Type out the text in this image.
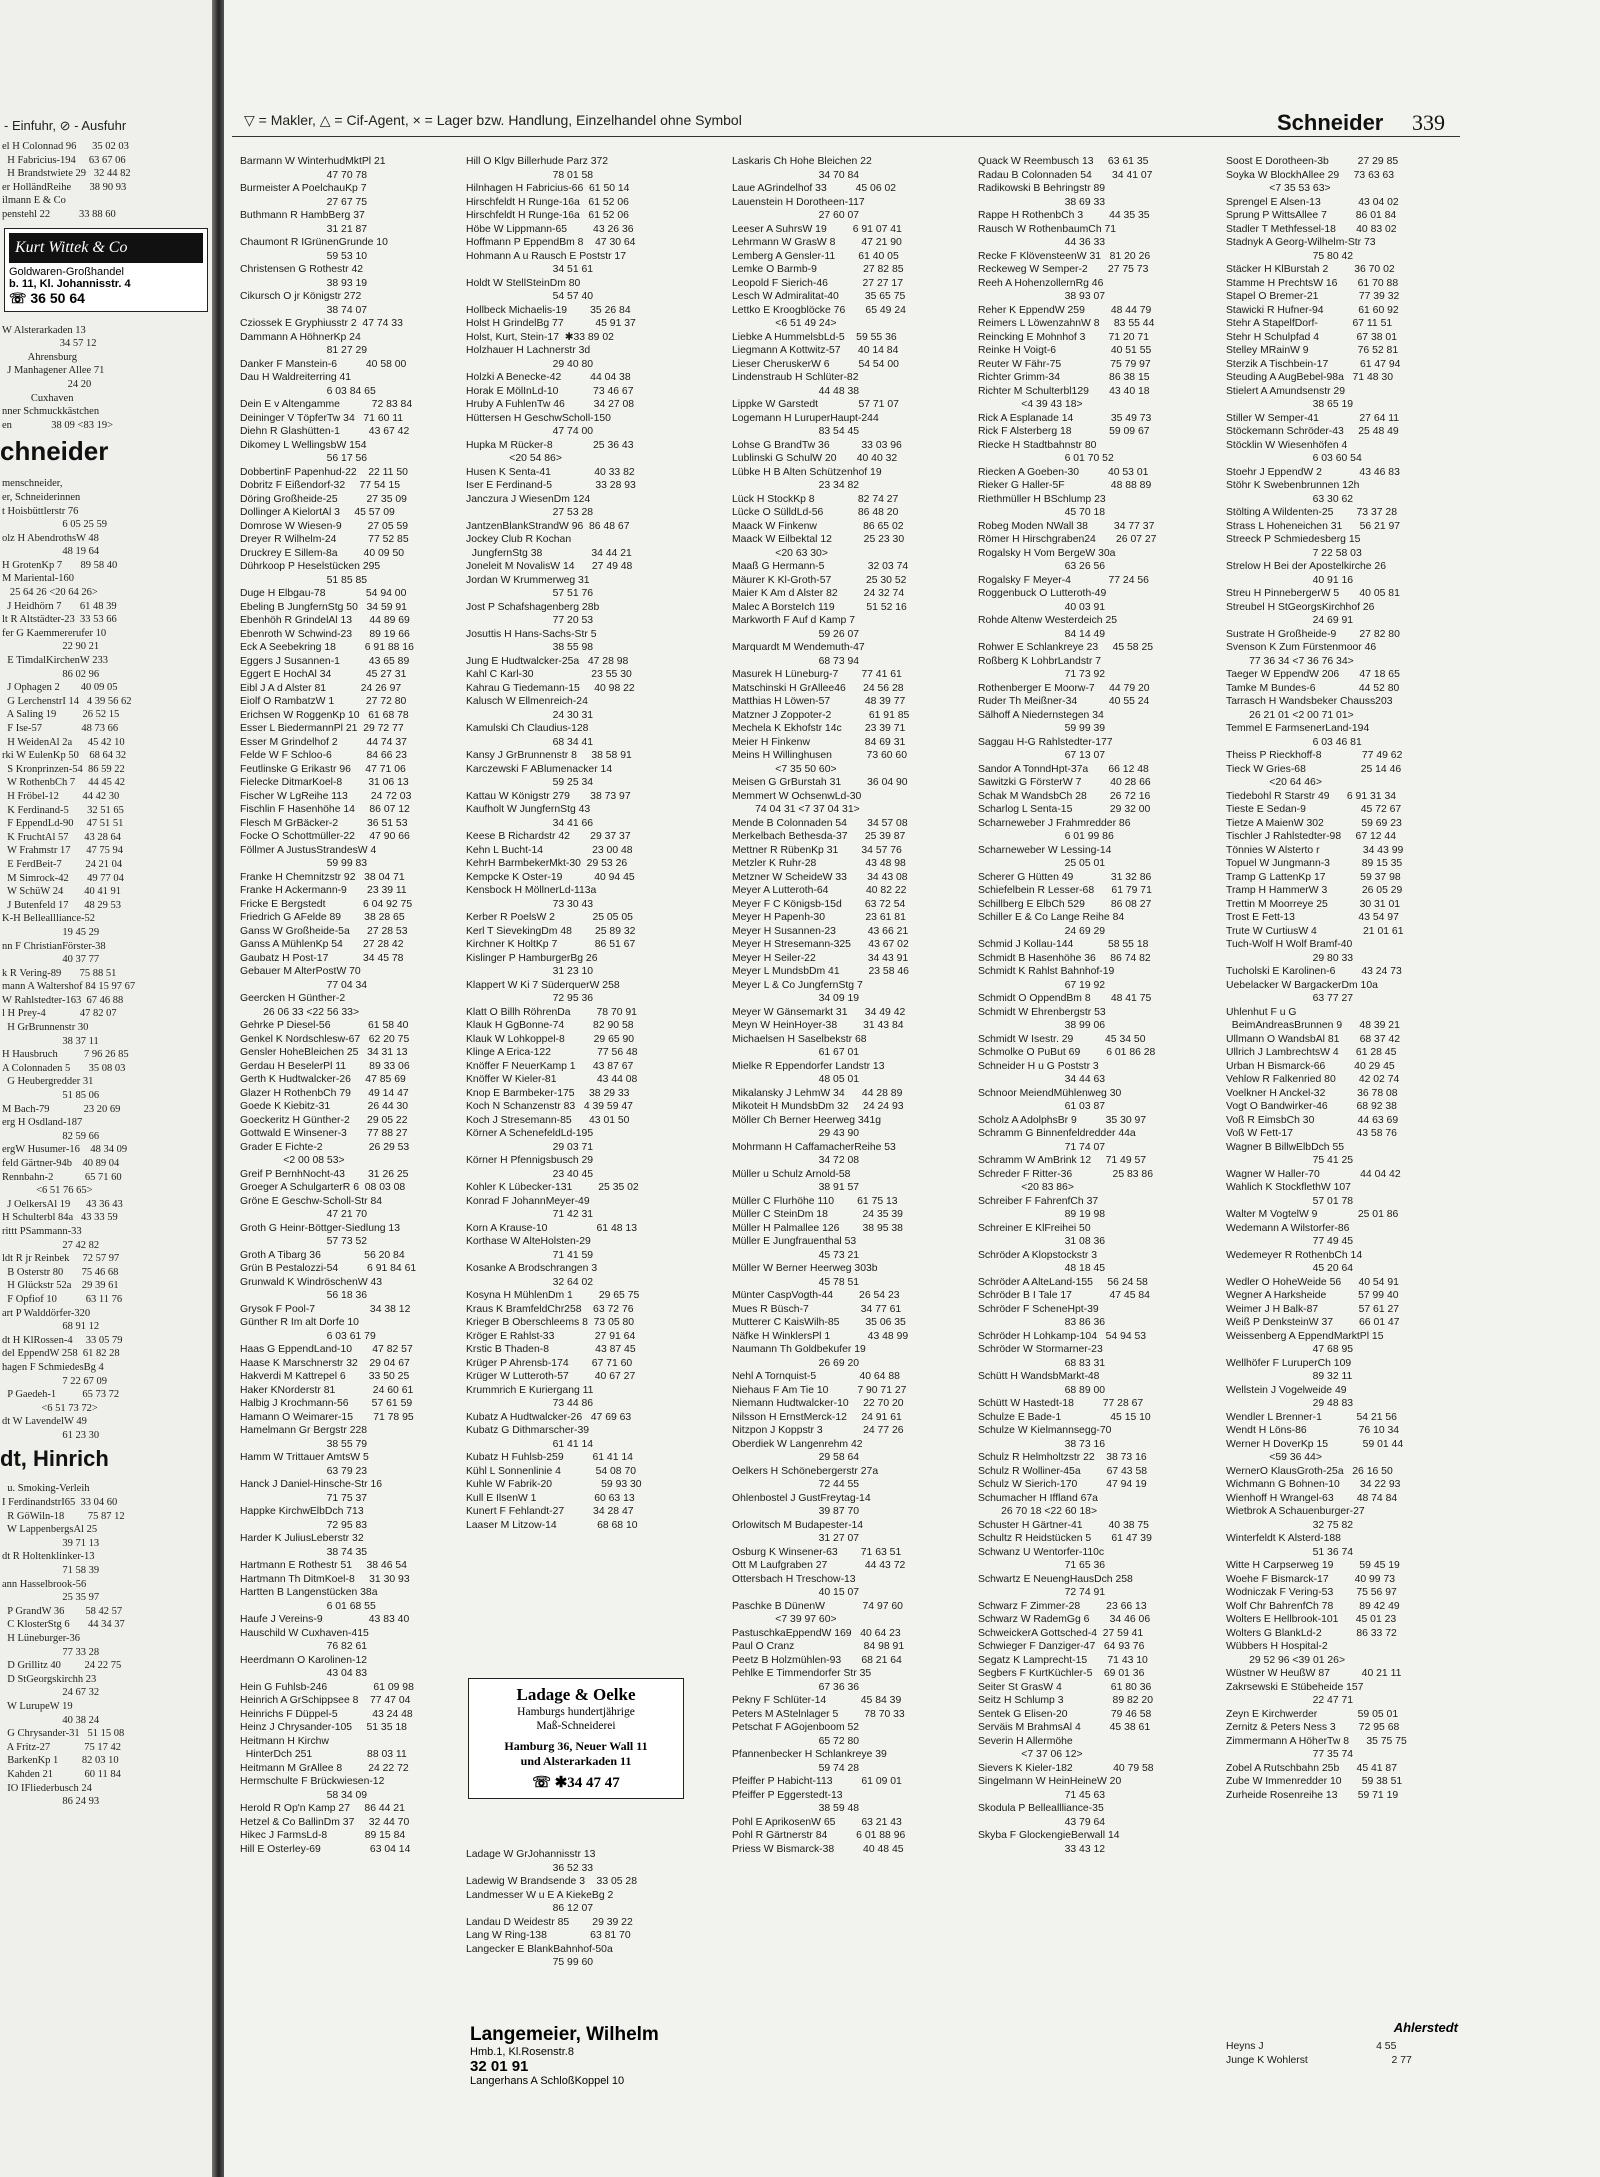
- Einfuhr, ⊘ - Ausfuhr
el H Colonnad 96      35 02 03
H Fabricius-194     63 67 06
H Brandstwiete 29   32 44 82
er HolländReihe       38 90 93
ilmann E & Co
penstehl 22           33 88 60
Kurt Wittek & Co
Goldwaren-Großhandel
b. 11, Kl. Johannisstr. 4
☏ 36 50 64
W Alsterarkaden 13
34 57 12
Ahrensburg
J Manhagener Allee 71
24 20
Cuxhaven
nner Schmuckkästchen
en               38 09 <83 19>
chneider
menschneider,
er, Schneiderinnen
t Hoisbüttlerstr 76
6 05 25 59
olz H AbendrothsW 48
48 19 64
H GrotenKp 7       89 58 40
M Mariental-160
25 64 26 <20 64 26>
J Heidhörn 7       61 48 39
lt R Altstädter-23  33 53 66
fer G Kaemmererufer 10
22 90 21
E TimdalKirchenW 233
86 02 96
J Ophagen 2        40 09 05
G LerchenstrI 14   4 39 56 62
A Saling 19          26 52 15
F Ise-57               48 73 66
H WeidenAl 2a      45 42 10
rki W EulenKp 50    68 64 32
S Kronprinzen-54  86 59 22
W RothenbCh 7     44 45 42
H Fröbel-12         44 42 30
K Ferdinand-5       32 51 65
F EppendLd-90     47 51 51
K FruchtAl 57      43 28 64
W Frahmstr 17      47 75 94
E FerdBeit-7         24 21 04
M Simrock-42       49 77 04
W SchüW 24        40 41 91
J Butenfeld 17      48 29 53
K-H Belleallliance-52
19 45 29
nn F ChristianFörster-38
40 37 77
k R Vering-89       75 88 51
mann A Waltershof 84 15 97 67
W Rahlstedter-163  67 46 88
l H Prey-4             47 82 07
H GrBrunnenstr 30
38 37 11
H Hausbruch          7 96 26 85
A Colonnaden 5       35 08 03
G Heubergredder 31
51 85 06
M Bach-79             23 20 69
erg H Osdland-187
82 59 66
ergW Husumer-16    48 34 09
feld Gärtner-94b    40 89 04
Rennbahn-2            65 71 60
<6 51 76 65>
J OelkersAl 19      43 36 43
H Schulterbl 84a   43 33 59
rittt PSammann-33
27 42 82
ldt R jr Reinbek     72 57 97
B Osterstr 80       75 46 68
H Glückstr 52a    29 39 61
F Opfiof 10           63 11 76
art P Walddörfer-320
68 91 12
dt H KlRossen-4     33 05 79
del EppendW 258  61 82 28
hagen F SchmiedesBg 4
7 22 67 09
P Gaedeh-1          65 73 72
<6 51 73 72>
dt W LavendelW 49
61 23 30
dt, Hinrich
u. Smoking-Verleih
I FerdinandstrI65  33 04 60
R GöWiln-18         75 87 12
W LappenbergsAl 25
39 71 13
dt R Holtenklinker-13
71 58 39
ann Hasselbrook-56
25 35 97
P GrandW 36        58 42 57
C KlosterStg 6       44 34 37
H Lüneburger-36
77 33 28
D Grillitz 40         24 22 75
D StGeorgskirchh 23
24 67 32
W LurupeW 19
40 38 24
G Chrysander-31   51 15 08
A Fritz-27             75 17 42
BarkenKp 1         82 03 10
Kahden 21            60 11 84
IO IFliederbusch 24
86 24 93
▽ = Makler, △ = Cif-Agent, × = Lager bzw. Handlung, Einzelhandel ohne Symbol	Schneider 339
Barmann W WinterhudMktPl 21
47 70 78
Burmeister A PoelchauKp 7
27 67 75
Buthmann R HambBerg 37
31 21 87
Chaumont R IGrünenGrunde 10
59 53 10
Christensen G Rothestr 42
38 93 19
Cikursch O jr Königstr 272
38 74 07
Cziossek E Gryphiusstr 2  47 74 33
Dammann A HöhnerKp 24
81 27 29
Danker F Manstein-6          40 58 00
Dau H Waldreiterring 41
6 03 84 65
Dein E v Altengamme           72 83 84
Deininger V TöpferTw 34   71 60 11
Diehn R Glashütten-1          43 67 42
Dikomey L WellingsbW 154
56 17 56
DobbertinF Papenhud-22    22 11 50
Dobritz F Eißendorf-32     77 54 15
Döring Großheide-25          27 35 09
Dollinger A KielortAl 3     45 57 09
Domrose W Wiesen-9         27 05 59
Dreyer R Wilhelm-24           77 52 85
Druckrey E Sillem-8a         40 09 50
Dührkoop P Heselstücken 295
51 85 85
Duge H Elbgau-78              54 94 00
Ebeling B JungfernStg 50   34 59 91
Ebenhöh R GrindelAl 13      44 89 69
Ebenroth W Schwind-23      89 19 66
Eck A Seebekring 18          6 91 88 16
Eggers J Susannen-1          43 65 89
Eggert E HochAl 34            45 27 31
Eibl J A d Alster 81            24 26 97
Eiolf O RambatzW 1           27 72 80
Erichsen W RoggenKp 10   61 68 78
Esser L BiedermannPl 21  29 72 77
Esser M Grindelhof 2          44 74 37
Felde W F Schloo-6            84 66 23
Feutlinske G Erikastr 96     47 71 06
Fielecke DitmarKoel-8         31 06 13
Fischer W LgReihe 113        24 72 03
Fischlin F Hasenhöhe 14     86 07 12
Flesch M GrBäcker-2          36 51 53
Focke O Schottmüller-22     47 90 66
Föllmer A JustusStrandesW 4
59 99 83
Franke H Chemnitzstr 92   38 04 71
Franke H Ackermann-9       23 39 11
Fricke E Bergstedt             6 04 92 75
Friedrich G AFelde 89        38 28 65
Ganss W Großheide-5a      27 28 53
Ganss A MühlenKp 54       27 28 42
Gaubatz H Post-17            34 45 78
Gebauer M AlterPostW 70
77 04 34
Geercken H Günther-2
26 06 33 <22 56 33>
Gehrke P Diesel-56             61 58 40
Genkel K Nordschlesw-67   62 20 75
Gensler HoheBleichen 25   34 31 13
Gerdau H BeselerPl 11        89 33 06
Gerth K Hudtwalcker-26     47 85 69
Glazer H RothenbCh 79      49 14 47
Goede K Kiebitz-31             26 44 30
Goeckeritz H Günther-2      29 05 22
Gottwald E Winsener-3       77 88 27
Grader E Fichte-2                26 29 53
<2 00 08 53>
Greif P BernhNocht-43        31 26 25
Groeger A SchulgarterR 6  08 03 08
Gröne E Geschw-Scholl-Str 84
47 21 70
Groth G Heinr-Böttger-Siedlung 13
57 73 52
Groth A Tibarg 36               56 20 84
Grün B Pestalozzi-54          6 91 84 61
Grunwald K WindröschenW 43
56 18 36
Grysok F Pool-7                   34 38 12
Günther R Im alt Dorfe 10
6 03 61 79
Haas G EppendLand-10       47 82 57
Haase K Marschnerstr 32    29 04 67
Hakverdi M Kattrepel 6        33 50 25
Haker KNorderstr 81             24 60 61
Halbig J Krochmann-56        57 61 59
Hamann O Weimarer-15       71 78 95
Hamelmann Gr Bergstr 228
38 55 79
Hamm W Trittauer AmtsW 5
63 79 23
Hanck J Daniel-Hinsche-Str 16
71 75 37
Happke KirchwElbDch 713
72 95 83
Harder K JuliusLeberstr 32
38 74 35
Hartmann E Rothestr 51     38 46 54
Hartmann Th DitmKoel-8     31 30 93
Hartten B Langenstücken 38a
6 01 68 55
Haufe J Vereins-9                43 83 40
Hauschild W Cuxhaven-415
76 82 61
Heerdmann O Karolinen-12
43 04 83
Hein G Fuhlsb-246                61 09 98
Heinrich A GrSchippsee 8    77 47 04
Heinrichs F Düppel-5            43 24 48
Heinz J Chrysander-105     51 35 18
Heitmann H Kirchw
HinterDch 251                   88 03 11
Heitmann M GrAllee 8         24 22 72
Hermschulte F Brückwiesen-12
58 34 09
Herold R Op'n Kamp 27     86 44 21
Hetzel & Co BallinDm 37     32 44 70
Hikec J FarmsLd-8             89 15 84
Hill E Osterley-69                 63 04 14
Hill O Klgv Billerhude Parz 372
78 01 58
Hilnhagen H Fabricius-66  61 50 14
Hirschfeldt H Runge-16a   61 52 06
Hirschfeldt H Runge-16a   61 52 06
Höbe W Lippmann-65         43 26 36
Hoffmann P EppendBm 8    47 30 64
Hohmann A u Rausch E Poststr 17
34 51 61
Holdt W StellSteinDm 80
54 57 40
Hollbeck Michaelis-19        35 26 84
Holst H GrindelBg 77           45 91 37
Holst, Kurt, Stein-17  ✱33 89 02
Holzhauer H Lachnerstr 3d
29 40 80
Holzki A Benecke-42          44 04 38
Horak E MölInLd-10            73 46 67
Hruby A FuhlenTw 46          34 27 08
Hüttersen H GeschwScholl-150
47 74 00
Hupka M Rücker-8              25 36 43
<20 54 86>
Husen K Senta-41               40 33 82
Iser E Ferdinand-5               33 28 93
Janczura J WiesenDm 124
27 53 28
JantzenBlankStrandW 96  86 48 67
Jockey Club R Kochan
JungfernStg 38                 34 44 21
Joneleit M NovalisW 14      27 49 48
Jordan W Krummerweg 31
57 51 76
Jost P Schafshagenberg 28b
77 20 53
Josuttis H Hans-Sachs-Str 5
38 55 98
Jung E Hudtwalcker-25a   47 28 98
Kahl C Karl-30                    23 55 30
Kahrau G Tiedemann-15     40 98 22
Kalusch W Ellmenreich-24
24 30 31
Kamulski Ch Claudius-128
68 34 41
Kansy J GrBrunnenstr 8     38 58 91
Karczewski F ABlumenacker 14
59 25 34
Kattau W Königstr 279       38 73 97
Kaufholt W JungfernStg 43
34 41 66
Keese B Richardstr 42       29 37 37
Kehn L Bucht-14                 23 00 48
KehrH BarmbekerMkt-30  29 53 26
Kempcke K Oster-19           40 94 45
Kensbock H MöllnerLd-113a
73 30 43
Kerber R PoelsW 2             25 05 05
Kerl T SievekingDm 48        25 89 32
Kirchner K HoltKp 7             86 51 67
Kislinger P HamburgerBg 26
31 23 10
Klappert W Ki 7 SüderquerW 258
72 95 36
Klatt O Billh RöhrenDa         78 70 91
Klauk H GgBonne-74          82 90 58
Klauk W Lohkoppel-8          29 65 90
Klinge A Erica-122                77 56 48
Knöffer F NeuerKamp 1      43 87 67
Knöffer W Kieler-81              43 44 08
Knop E Barmbeker-175     38 29 33
Koch N Schanzenstr 83   4 39 59 47
Koch J Stresemann-85      43 01 50
Körner A SchenefeldLd-195
29 03 71
Körner H Pfennigsbusch 29
23 40 45
Kohler K Lübecker-131         25 35 02
Konrad F JohannMeyer-49
71 42 31
Korn A Krause-10                 61 48 13
Korthase W AlteHolsten-29
71 41 59
Kosanke A Brodschrangen 3
32 64 02
Kosyna H MühlenDm 1         29 65 75
Kraus K BramfeldChr258    63 72 76
Krieger B Oberschleems 8  73 05 80
Kröger E Rahlst-33              27 91 64
Krstic B Thaden-8                43 87 45
Krüger P Ahrensb-174        67 71 60
Krüger W Lutteroth-57         40 67 27
Krummrich E Kuriergang 11
73 44 86
Kubatz A Hudtwalcker-26   47 69 63
Kubatz G Dithmarscher-39
61 41 14
Kubatz H Fuhlsb-259          61 41 14
Kühl L Sonnenlinie 4            54 08 70
Kuhle W Fabrik-20                 59 93 30
Kull E IlsenW 1                    60 63 13
Kunert F Fehlandt-27          34 28 47
Laaser M Litzow-14              68 68 10
Ladage & Oelke
Hamburgs hundertjährige
Maß-Schneiderei
Hamburg 36, Neuer Wall 11
und Alsterarkaden 11
☏ ✱34 47 47
Ladage W GrJohannisstr 13
36 52 33
Ladewig W Brandsende 3    33 05 28
Landmesser W u E A KiekeBg 2
86 12 07
Landau D Weidestr 85        29 39 22
Lang W Ring-138               63 81 70
Langecker E BlankBahnhof-50a
75 99 60
Langemeier, Wilhelm
Hmb.1, Kl.Rosenstr.8
32 01 91
Langerhans A SchloßKoppel 10
Laskaris Ch Hohe Bleichen 22
34 70 84
Laue AGrindelhof 33          45 06 02
Lauenstein H Dorotheen-117
27 60 07
Leeser A SuhrsW 19         6 91 07 41
Lehrmann W GrasW 8         47 21 90
Lemberg A Gensler-11        61 40 05
Lemke O Barmb-9                27 82 85
Leopold F Sierich-46            27 27 17
Lesch W Admiralitat-40         35 65 75
Lettko E Kroogblöcke 76       65 49 24
<6 51 49 24>
Liebke A HummelsbLd-5    59 55 36
Liegmann A Kottwitz-57      40 14 84
Lieser CheruskerW 6          54 54 00
Lindenstraub H Schlüter-82
44 48 38
Lippke W Garstedt              57 71 07
Logemann H LuruperHaupt-244
83 54 45
Lohse G BrandTw 36           33 03 96
Lublinski G SchulW 20       40 40 32
Lübke H B Alten Schützenhof 19
23 34 82
Lück H StockKp 8               82 74 27
Lücke O SülldLd-56            86 48 20
Maack W Finkenw                86 65 02
Maack W Eilbektal 12           25 23 30
<20 63 30>
Maaß G Hermann-5               32 03 74
Mäurer K Kl-Groth-57            25 30 52
Maier K Am d Alster 82         24 32 74
Malec A BorsteIch 119           51 52 16
Markworth F Auf d Kamp 7
59 26 07
Marquardt M Wendemuth-47
68 73 94
Masurek H Lüneburg-7        77 41 61
Matschinski H GrAllee46      24 56 28
Matthias H Löwen-57            48 39 77
Matzner J Zoppoter-2             61 91 85
Mechela K Ekhofstr 14c        23 39 71
Meier H Finkenw                   84 69 31
Meins H Willinghusen            73 60 60
<7 35 50 60>
Meisen G GrBurstah 31         36 04 90
Memmert W OchsenwLd-30
74 04 31 <7 37 04 31>
Mende B Colonnaden 54       34 57 08
Merkelbach Bethesda-37      25 39 87
Mettner R RübenKp 31        34 57 76
Metzler K Ruhr-28                 43 48 98
Metzner W ScheideW 33       34 43 08
Meyer A Lutteroth-64             40 82 22
Meyer F C Königsb-15d        63 72 54
Meyer H Papenh-30              23 61 81
Meyer H Susannen-23           43 66 21
Meyer H Stresemann-325      43 67 02
Meyer H Seiler-22                  34 43 91
Meyer L MundsbDm 41          23 58 46
Meyer L & Co JungfernStg 7
34 09 19
Meyer W Gänsemarkt 31      34 49 42
Meyn W HeinHoyer-38         31 43 84
Michaelsen H Saselbekstr 68
61 67 01
Mielke R Eppendorfer Landstr 13
48 05 01
Mikalansky J LehmW 34      44 28 89
Mikoteit H MundsbDm 32     24 24 93
Möller Ch Berner Heerweg 341g
29 43 90
Mohrmann H CaffamacherReihe 53
34 72 08
Müller u Schulz Arnold-58
38 91 57
Müller C Flurhöhe 110        61 75 13
Müller C SteinDm 18            24 35 39
Müller H Palmallee 126        38 95 38
Müller E Jungfrauenthal 53
45 73 21
Müller W Berner Heerweg 303b
45 78 51
Münter CaspVogth-44         26 54 23
Mues R Büsch-7                  34 77 61
Mutterer C KaisWilh-85         35 06 35
Näfke H WinklersPl 1             43 48 99
Naumann Th Goldbekufer 19
26 69 20
Nehl A Tornquist-5               40 64 88
Niehaus F Am Tie 10          7 90 71 27
Niemann Hudtwalcker-10     22 70 20
Nilsson H ErnstMerck-12     24 91 61
Nitzpon J Koppstr 3              24 77 26
Oberdiek W Langenrehm 42
29 58 64
Oelkers H Schönebergerstr 27a
72 44 55
Ohlenbostel J GustFreytag-14
39 87 70
Orlowitsch M Budapester-14
31 27 07
Osburg K Winsener-63        71 63 51
Ott M Laufgraben 27             44 43 72
Ottersbach H Treschow-13
40 15 07
Paschke B DünenW             74 97 60
<7 39 97 60>
PastuschkaEppendW 169   40 64 23
Paul O Cranz                        84 98 91
Peetz B Holzmühlen-93       68 21 64
Pehlke E Timmendorfer Str 35
67 36 36
Pekny F Schlüter-14            45 84 39
Peters M AStelnlager 5         78 70 33
Petschat F AGojenboom 52
65 72 80
Pfannenbecker H Schlankreye 39
59 74 28
Pfeiffer P Habicht-113          61 09 01
Pfeiffer P Eggerstedt-13
38 59 48
Pohl E AprikosenW 65         63 21 43
Pohl R Gärtnerstr 84          6 01 88 96
Priess W Bismarck-38          40 48 45
Quack W Reembusch 13     63 61 35
Radau B Colonnaden 54       34 41 07
Radikowski B Behringstr 89
38 69 33
Rappe H RothenbCh 3         44 35 35
Rausch W RothenbaumCh 71
44 36 33
Recke F KlövensteenW 31   81 20 26
Reckeweg W Semper-2       27 75 73
Reeh A HohenzollernRg 46
38 93 07
Reher K EppendW 259         48 44 79
Reimers L LöwenzahnW 8     83 55 44
Reincking E Mohnhof 3        71 20 71
Reinke H Voigt-6                   40 51 55
Reuter W Fähr-75                 75 79 97
Richter Grimm-34                 86 38 15
Richter M Schulterbl129       43 40 18
<4 39 43 18>
Rick A Esplanade 14             35 49 73
Rick F Alsterberg 18             59 09 67
Riecke H Stadtbahnstr 80
6 01 70 52
Riecken A Goeben-30          40 53 01
Rieker G Haller-5F                48 88 89
Riethmüller H BSchlump 23
45 70 18
Robeg Moden NWall 38         34 77 37
Römer H Hirschgraben24       26 07 27
Rogalsky H Vom BergeW 30a
63 26 56
Rogalsky F Meyer-4             77 24 56
Roggenbuck O Lutteroth-49
40 03 91
Rohde Altenw Westerdeich 25
84 14 49
Rohwer E Schlankreye 23     45 58 25
Roßberg K LohbrLandstr 7
71 73 92
Rothenberger E Moorw-7     44 79 20
Ruder Th Meißner-34           40 55 24
Sälhoff A Niedernstegen 34
59 99 39
Saggau H-G Rahlstedter-177
67 13 07
Sandor A TonndHpt-37a       66 12 48
Sawitzki G FörsterW 7          40 28 66
Schak M WandsbCh 28        26 72 16
Scharlog L Senta-15             29 32 00
Scharneweber J Frahmredder 86
6 01 99 86
Scharneweber W Lessing-14
25 05 01
Scherer G Hütten 49             31 32 86
Schiefelbein R Lesser-68      61 79 71
Schillberg E ElbCh 529         86 08 27
Schiller E & Co Lange Reihe 84
24 69 29
Schmid J Kollau-144            58 55 18
Schmidt B Hasenhöhe 36     86 74 82
Schmidt K Rahlst Bahnhof-19
67 19 92
Schmidt O OppendBm 8       48 41 75
Schmidt W Ehrenbergstr 53
38 99 06
Schmidt W Isestr. 29           45 34 50
Schmolke O PuBut 69         6 01 86 28
Schneider H u G Poststr 3
34 44 63
Schnoor MeiendMühlenweg 30
61 03 87
Scholz A AdolphsBr 9          35 30 97
Schramm G Binnenfeldredder 44a
71 74 07
Schramm W AmBrink 12     71 49 57
Schreder F Ritter-36              25 83 86
<20 83 86>
Schreiber F FahrenfCh 37
89 19 98
Schreiner E KlFreihei 50
31 08 36
Schröder A Klopstockstr 3
48 18 45
Schröder A AlteLand-155     56 24 58
Schröder B I Tale 17             47 45 84
Schröder F ScheneHpt-39
83 86 36
Schröder H Lohkamp-104   54 94 53
Schröder W Stormarner-23
68 83 31
Schütt H WandsbMarkt-48
68 89 00
Schütt W Hastedt-18          77 28 67
Schulze E Bade-1                 45 15 10
Schulze W Kielmannsegg-70
38 73 16
Schulz R Helmholtzstr 22    38 73 16
Schulz R Wolliner-45a         67 43 58
Schulz W Sierich-170          47 94 19
Schumacher H Iffland 67a
26 70 18 <22 60 18>
Schuster H Gärtner-41         40 38 75
Schultz R Heidstücken 5       61 47 39
Schwanz U Wentorfer-110c
71 65 36
Schwartz E NeuengHausDch 258
72 74 91
Schwarz F Zimmer-28         23 66 13
Schwarz W RademGg 6       34 46 06
SchweickerA Gottsched-4  27 59 41
Schwieger F Danziger-47   64 93 76
Segatz K Lamprecht-15       71 43 10
Segbers F KurtKüchler-5    69 01 36
Seiter St GrasW 4                 61 80 36
Seitz H Schlump 3                 89 82 20
Sentek G Elisen-20               79 46 58
Serväis M BrahmsAl 4          45 38 61
Severin H Allermöhe
<7 37 06 12>
Sievers K Kieler-182              40 79 58
Singelmann W HeinHeineW 20
71 45 63
Skodula P Belleallliance-35
43 79 64
Skyba F GlockengieBerwall 14
33 43 12
Soost E Dorotheen-3b          27 29 85
Soyka W BlockhAllee 29     73 63 63
<7 35 53 63>
Sprengel E Alsen-13             43 04 02
Sprung P WittsAllee 7          86 01 84
Stadler T Methfessel-18       40 83 02
Stadnyk A Georg-Wilhelm-Str 73
75 80 42
Stäcker H KlBurstah 2         36 70 02
Stamme H PrechtsW 16       61 70 88
Stapel O Bremer-21              77 39 32
Stawicki R Hufner-94            61 60 92
Stehr A StapelfDorf-            67 11 51
Stehr H Schulpfad 4             67 38 01
Stelley MRainW 9                 76 52 81
Sterzik A Tischbein-17           61 47 94
Steuding A AugBebel-98a   71 48 30
Stielert A Amundsenstr 29
38 65 19
Stiller W Semper-41              27 64 11
Stöckemann Schröder-43     25 48 49
Stöcklin W Wiesenhöfen 4
6 03 60 54
Stoehr J EppendW 2             43 46 83
Stöhr K Swebenbrunnen 12h
63 30 62
Stölting A Wildenten-25        73 37 28
Strass L Hoheneichen 31      56 21 97
Streeck P Schmiedesberg 15
7 22 58 03
Strelow H Bei der Apostelkirche 26
40 91 16
Streu H PinnebergerW 5       40 05 81
Streubel H StGeorgsKirchhof 26
24 69 91
Sustrate H Großheide-9        27 82 80
Svenson K Zum Fürstenmoor 46
77 36 34 <7 36 76 34>
Taeger W EppendW 206       47 18 65
Tamke M Bundes-6               44 52 80
Tarrasch H Wandsbeker Chauss203
26 21 01 <2 00 71 01>
Temmel E FarmsenerLand-194
6 03 46 81
Theiss P Rieckhoff-8              77 49 62
Tieck W Gries-68                   25 14 46
<20 64 46>
Tiedebohl R Starstr 49      6 91 31 34
Tieste E Sedan-9                   45 72 67
Tietze A MaienW 302             59 69 23
Tischler J Rahlstedter-98     67 12 44
Tönnies W Alsterto r               34 43 99
Topuel W Jungmann-3           89 15 35
Tramp G LattenKp 17            59 37 98
Tramp H HammerW 3            26 05 29
Trettin M Moorreye 25           30 31 01
Trost E Fett-13                      43 54 97
Trute W CurtiusW 4                21 01 61
Tuch-Wolf H Wolf Bramf-40
29 80 33
Tucholski E Karolinen-6         43 24 73
Uebelacker W BargackerDm 10a
63 77 27
Uhlenhut F u G
BeimAndreasBrunnen 9      48 39 21
Ullmann O WandsbAl 81       68 37 42
Ullrich J LambrechtsW 4      61 28 45
Urban H Bismarck-66          40 29 45
Vehlow R Falkenried 80        42 02 74
Voelkner H Anckel-32           36 78 08
Vogt O Bandwirker-46          68 92 38
Voß R EimsbCh 30               44 63 69
Voß W Fett-17                      43 58 76
Wagner B BillwElbDch 55
75 41 25
Wagner W Haller-70              44 04 42
Wahlich K StockflethW 107
57 01 78
Walter M VogtelW 9              25 01 86
Wedemann A Wilstorfer-86
77 49 45
Wedemeyer R RothenbCh 14
45 20 64
Wedler O HoheWeide 56      40 54 91
Wegner A Harksheide           57 99 40
Weimer J H Balk-87              57 61 27
Weiß P DenksteinW 37         66 01 47
Weissenberg A EppendMarktPl 15
47 68 95
Wellhöfer F LuruperCh 109
89 32 11
Wellstein J Vogelweide 49
29 48 83
Wendler L Brenner-1            54 21 56
Wendt H Löns-86                  76 10 34
Werner H DoverKp 15            59 01 44
<59 36 44>
WernerO KlausGroth-25a   26 16 50
Wichmann G Bohnen-10       34 22 93
Wienhoff H Wrangel-63        48 74 84
Wietbrok A Schauenburger-27
32 75 82
Winterfeldt K Alsterd-188
51 36 74
Witte H Carpserweg 19         59 45 19
Woehe F Bismarck-17         40 99 73
Wodniczak F Vering-53        75 56 97
Wolf Chr BahrenfCh 78         89 42 49
Wolters E Hellbrook-101      45 01 23
Wolters G BlankLd-2            86 33 72
Wübbers H Hospital-2
29 52 96 <39 01 26>
Wüstner W HeußW 87           40 21 11
Zakrsewski E Stübeheide 157
22 47 71
Zeyn E Kirchwerder              59 05 01
Zernitz & Peters Ness 3        72 95 68
Zimmermann A HöherTw 8      35 75 75
77 35 74
Zobel A Rutschbahn 25b      45 41 87
Zube W Immenredder 10       59 38 51
Zurheide Rosenreihe 13       59 71 19
Ahlerstedt
Heyns J                                       4 55
Junge K Wohlerst                             2 77
